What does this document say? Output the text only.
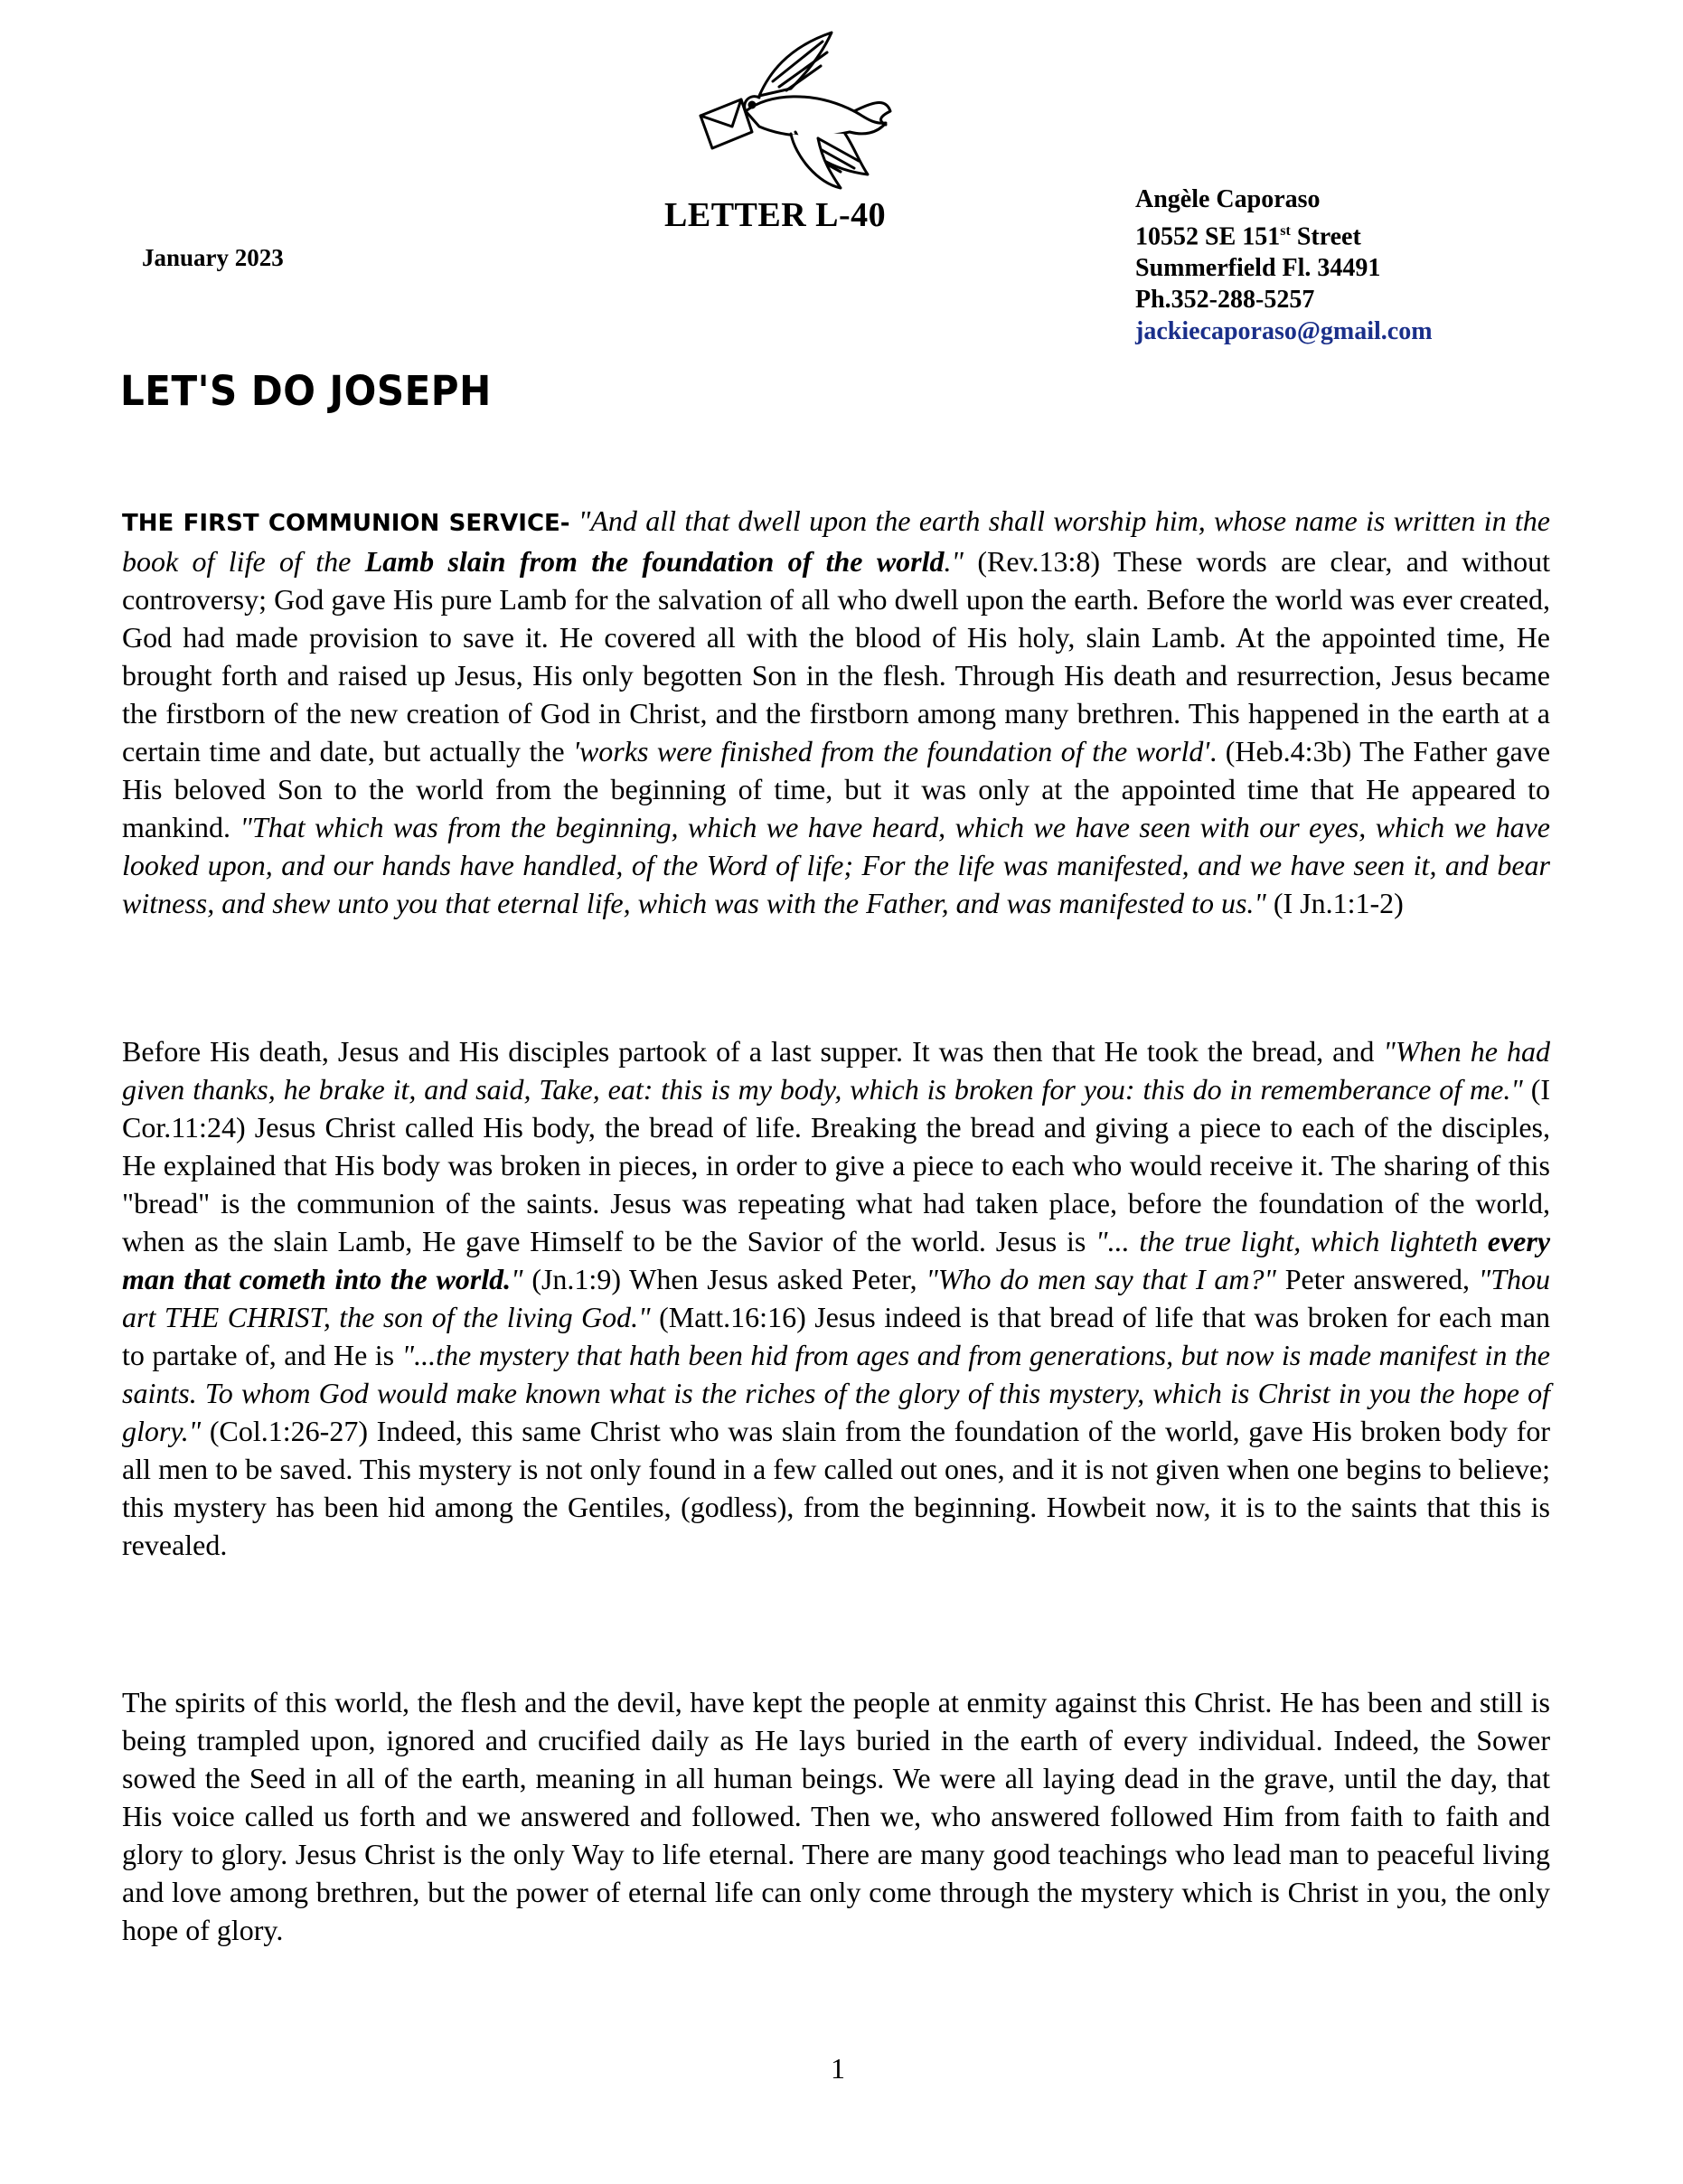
LETTER L-40
January 2023
Angèle Caporaso
10552 SE 151st Street
Summerfield Fl. 34491
Ph.352-288-5257
jackiecaporaso@gmail.com
LET'S DO JOSEPH
THE FIRST COMMUNION SERVICE- "And all that dwell upon the earth shall worship him, whose name is written in the book of life of the Lamb slain from the foundation of the world." (Rev.13:8) These words are clear, and without controversy; God gave His pure Lamb for the salvation of all who dwell upon the earth. Before the world was ever created, God had made provision to save it. He covered all with the blood of His holy, slain Lamb. At the appointed time, He brought forth and raised up Jesus, His only begotten Son in the flesh. Through His death and resurrection, Jesus became the firstborn of the new creation of God in Christ, and the firstborn among many brethren. This happened in the earth at a certain time and date, but actually the 'works were finished from the foundation of the world'. (Heb.4:3b) The Father gave His beloved Son to the world from the beginning of time, but it was only at the appointed time that He appeared to mankind. "That which was from the beginning, which we have heard, which we have seen with our eyes, which we have looked upon, and our hands have handled, of the Word of life; For the life was manifested, and we have seen it, and bear witness, and shew unto you that eternal life, which was with the Father, and was manifested to us." (I Jn.1:1-2)
Before His death, Jesus and His disciples partook of a last supper. It was then that He took the bread, and "When he had given thanks, he brake it, and said, Take, eat: this is my body, which is broken for you: this do in rememberance of me." (I Cor.11:24) Jesus Christ called His body, the bread of life. Breaking the bread and giving a piece to each of the disciples, He explained that His body was broken in pieces, in order to give a piece to each who would receive it. The sharing of this "bread" is the communion of the saints. Jesus was repeating what had taken place, before the foundation of the world, when as the slain Lamb, He gave Himself to be the Savior of the world. Jesus is "... the true light, which lighteth every man that cometh into the world." (Jn.1:9) When Jesus asked Peter, "Who do men say that I am?" Peter answered, "Thou art THE CHRIST, the son of the living God." (Matt.16:16) Jesus indeed is that bread of life that was broken for each man to partake of, and He is "...the mystery that hath been hid from ages and from generations, but now is made manifest in the saints. To whom God would make known what is the riches of the glory of this mystery, which is Christ in you the hope of glory." (Col.1:26-27) Indeed, this same Christ who was slain from the foundation of the world, gave His broken body for all men to be saved. This mystery is not only found in a few called out ones, and it is not given when one begins to believe; this mystery has been hid among the Gentiles, (godless), from the beginning. Howbeit now, it is to the saints that this is revealed.
The spirits of this world, the flesh and the devil, have kept the people at enmity against this Christ. He has been and still is being trampled upon, ignored and crucified daily as He lays buried in the earth of every individual. Indeed, the Sower sowed the Seed in all of the earth, meaning in all human beings. We were all laying dead in the grave, until the day, that His voice called us forth and we answered and followed. Then we, who answered followed Him from faith to faith and glory to glory. Jesus Christ is the only Way to life eternal. There are many good teachings who lead man to peaceful living and love among brethren, but the power of eternal life can only come through the mystery which is Christ in you, the only hope of glory.
1
